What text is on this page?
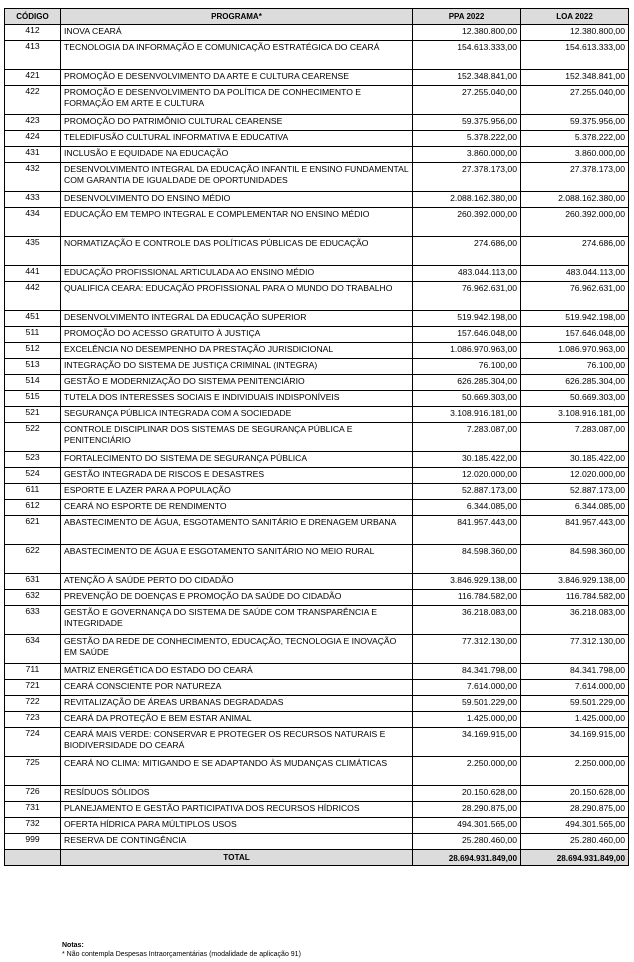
CÓDIGO	PROGRAMA*	PPA 2022	LOA 2022
412	INOVA CEARÁ	12.380.800,00	12.380.800,00
413	TECNOLOGIA DA INFORMAÇÃO E COMUNICAÇÃO ESTRATÉGICA DO CEARÁ	154.613.333,00	154.613.333,00
421	PROMOÇÃO E DESENVOLVIMENTO DA ARTE E CULTURA CEARENSE	152.348.841,00	152.348.841,00
422	PROMOÇÃO E DESENVOLVIMENTO DA POLÍTICA DE CONHECIMENTO E FORMAÇÃO EM ARTE E CULTURA	27.255.040,00	27.255.040,00
423	PROMOÇÃO DO PATRIMÔNIO CULTURAL CEARENSE	59.375.956,00	59.375.956,00
424	TELEDIFUSÃO CULTURAL INFORMATIVA E EDUCATIVA	5.378.222,00	5.378.222,00
431	INCLUSÃO E EQUIDADE NA EDUCAÇÃO	3.860.000,00	3.860.000,00
432	DESENVOLVIMENTO INTEGRAL DA EDUCAÇÃO INFANTIL E ENSINO FUNDAMENTAL COM GARANTIA DE IGUALDADE DE OPORTUNIDADES	27.378.173,00	27.378.173,00
433	DESENVOLVIMENTO DO ENSINO MÉDIO	2.088.162.380,00	2.088.162.380,00
434	EDUCAÇÃO EM TEMPO INTEGRAL E COMPLEMENTAR NO ENSINO MÉDIO	260.392.000,00	260.392.000,00
435	NORMATIZAÇÃO E CONTROLE DAS POLÍTICAS PÚBLICAS DE EDUCAÇÃO	274.686,00	274.686,00
441	EDUCAÇÃO PROFISSIONAL ARTICULADA AO ENSINO MÉDIO	483.044.113,00	483.044.113,00
442	QUALIFICA CEARA: EDUCAÇÃO PROFISSIONAL PARA O MUNDO DO TRABALHO	76.962.631,00	76.962.631,00
451	DESENVOLVIMENTO INTEGRAL DA EDUCAÇÃO SUPERIOR	519.942.198,00	519.942.198,00
511	PROMOÇÃO DO ACESSO GRATUITO À JUSTIÇA	157.646.048,00	157.646.048,00
512	EXCELÊNCIA NO DESEMPENHO DA PRESTAÇÃO JURISDICIONAL	1.086.970.963,00	1.086.970.963,00
513	INTEGRAÇÃO DO SISTEMA DE JUSTIÇA CRIMINAL (INTEGRA)	76.100,00	76.100,00
514	GESTÃO E MODERNIZAÇÃO DO SISTEMA PENITENCIÁRIO	626.285.304,00	626.285.304,00
515	TUTELA DOS INTERESSES SOCIAIS E INDIVIDUAIS INDISPONÍVEIS	50.669.303,00	50.669.303,00
521	SEGURANÇA PÚBLICA INTEGRADA COM A SOCIEDADE	3.108.916.181,00	3.108.916.181,00
522	CONTROLE DISCIPLINAR DOS SISTEMAS DE SEGURANÇA PÚBLICA E PENITENCIÁRIO	7.283.087,00	7.283.087,00
523	FORTALECIMENTO DO SISTEMA DE SEGURANÇA PÚBLICA	30.185.422,00	30.185.422,00
524	GESTÃO INTEGRADA DE RISCOS E DESASTRES	12.020.000,00	12.020.000,00
611	ESPORTE E LAZER PARA A POPULAÇÃO	52.887.173,00	52.887.173,00
612	CEARÁ NO ESPORTE DE RENDIMENTO	6.344.085,00	6.344.085,00
621	ABASTECIMENTO DE ÁGUA, ESGOTAMENTO SANITÁRIO E DRENAGEM URBANA	841.957.443,00	841.957.443,00
622	ABASTECIMENTO DE ÁGUA E ESGOTAMENTO SANITÁRIO NO MEIO RURAL	84.598.360,00	84.598.360,00
631	ATENÇÃO À SAÚDE PERTO DO CIDADÃO	3.846.929.138,00	3.846.929.138,00
632	PREVENÇÃO DE DOENÇAS E PROMOÇÃO DA SAÚDE DO CIDADÃO	116.784.582,00	116.784.582,00
633	GESTÃO E GOVERNANÇA DO SISTEMA DE SAÚDE COM TRANSPARÊNCIA E INTEGRIDADE	36.218.083,00	36.218.083,00
634	GESTÃO DA REDE DE CONHECIMENTO, EDUCAÇÃO, TECNOLOGIA E INOVAÇÃO EM SAÚDE	77.312.130,00	77.312.130,00
711	MATRIZ ENERGÉTICA DO ESTADO DO CEARÁ	84.341.798,00	84.341.798,00
721	CEARÁ CONSCIENTE POR NATUREZA	7.614.000,00	7.614.000,00
722	REVITALIZAÇÃO DE ÁREAS URBANAS DEGRADADAS	59.501.229,00	59.501.229,00
723	CEARÁ DA PROTEÇÃO E BEM ESTAR ANIMAL	1.425.000,00	1.425.000,00
724	CEARÁ MAIS VERDE: CONSERVAR E PROTEGER OS RECURSOS NATURAIS E BIODIVERSIDADE DO CEARÁ	34.169.915,00	34.169.915,00
725	CEARÁ NO CLIMA: MITIGANDO E SE ADAPTANDO ÀS MUDANÇAS CLIMÁTICAS	2.250.000,00	2.250.000,00
726	RESÍDUOS SÓLIDOS	20.150.628,00	20.150.628,00
731	PLANEJAMENTO E GESTÃO PARTICIPATIVA DOS RECURSOS HÍDRICOS	28.290.875,00	28.290.875,00
732	OFERTA HÍDRICA PARA MÚLTIPLOS USOS	494.301.565,00	494.301.565,00
999	RESERVA DE CONTINGÊNCIA	25.280.460,00	25.280.460,00
	TOTAL	28.694.931.849,00	28.694.931.849,00
Notas:
* Não contempla Despesas Intraorçamentárias (modalidade de aplicação 91)
